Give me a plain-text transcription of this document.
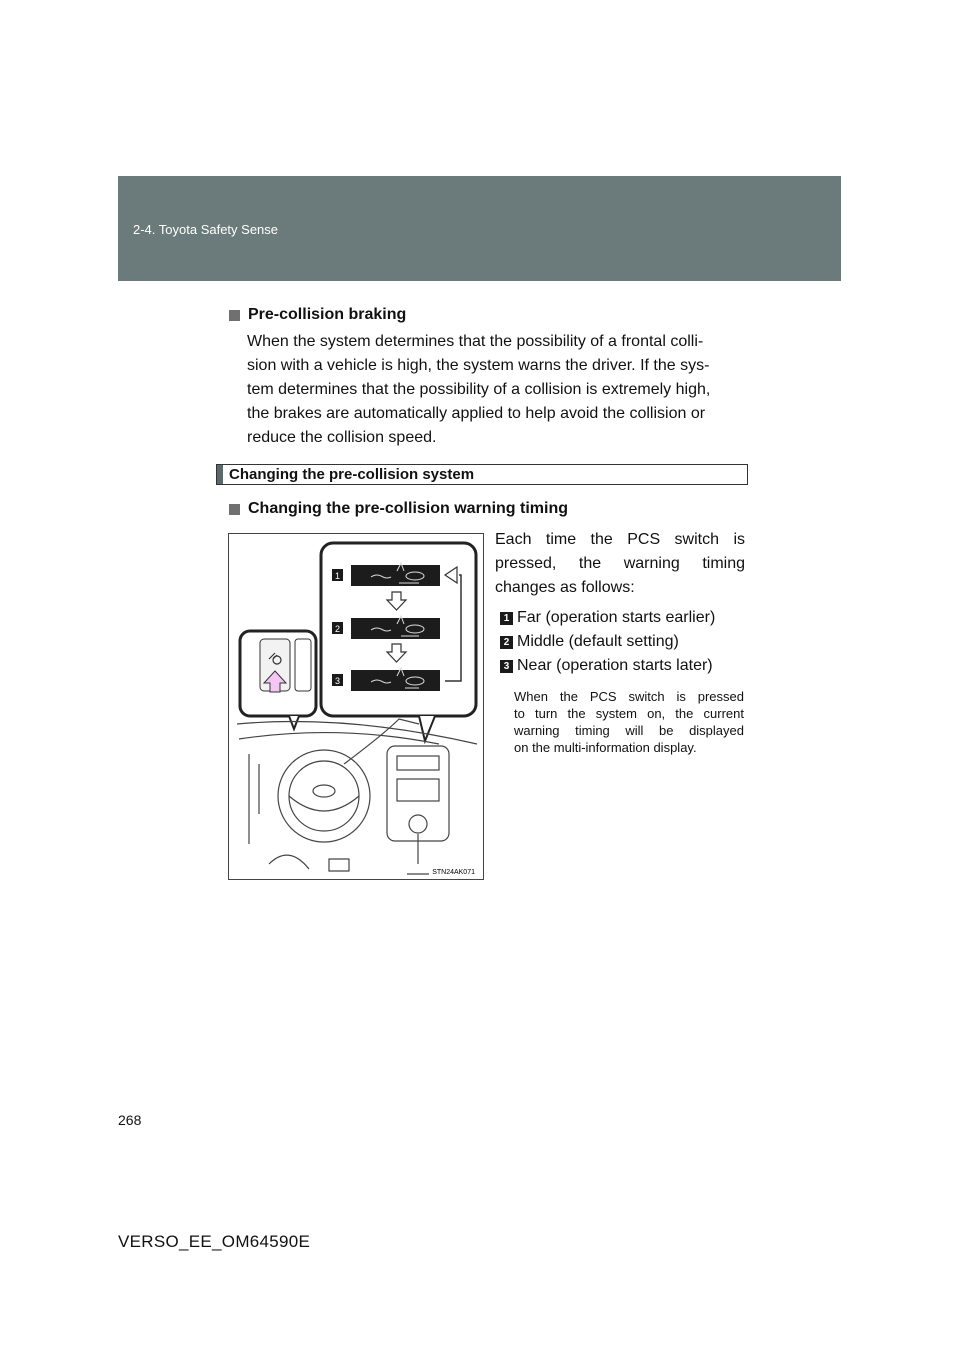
2-4. Toyota Safety Sense
Pre-collision braking
When the system determines that the possibility of a frontal colli-
sion with a vehicle is high, the system warns the driver. If the sys-
tem determines that the possibility of a collision is extremely high,
the brakes are automatically applied to help avoid the collision or
reduce the collision speed.
Changing the pre-collision system
Changing the pre-collision warning timing
Each time the PCS switch is
pressed, the warning timing
changes as follows:
1 Far (operation starts earlier)
2 Middle (default setting)
3 Near (operation starts later)
When the PCS switch is pressed
to turn the system on, the current
warning timing will be displayed
on the multi-information display.
1
2
3
STN24AK071
268
VERSO_EE_OM64590E
